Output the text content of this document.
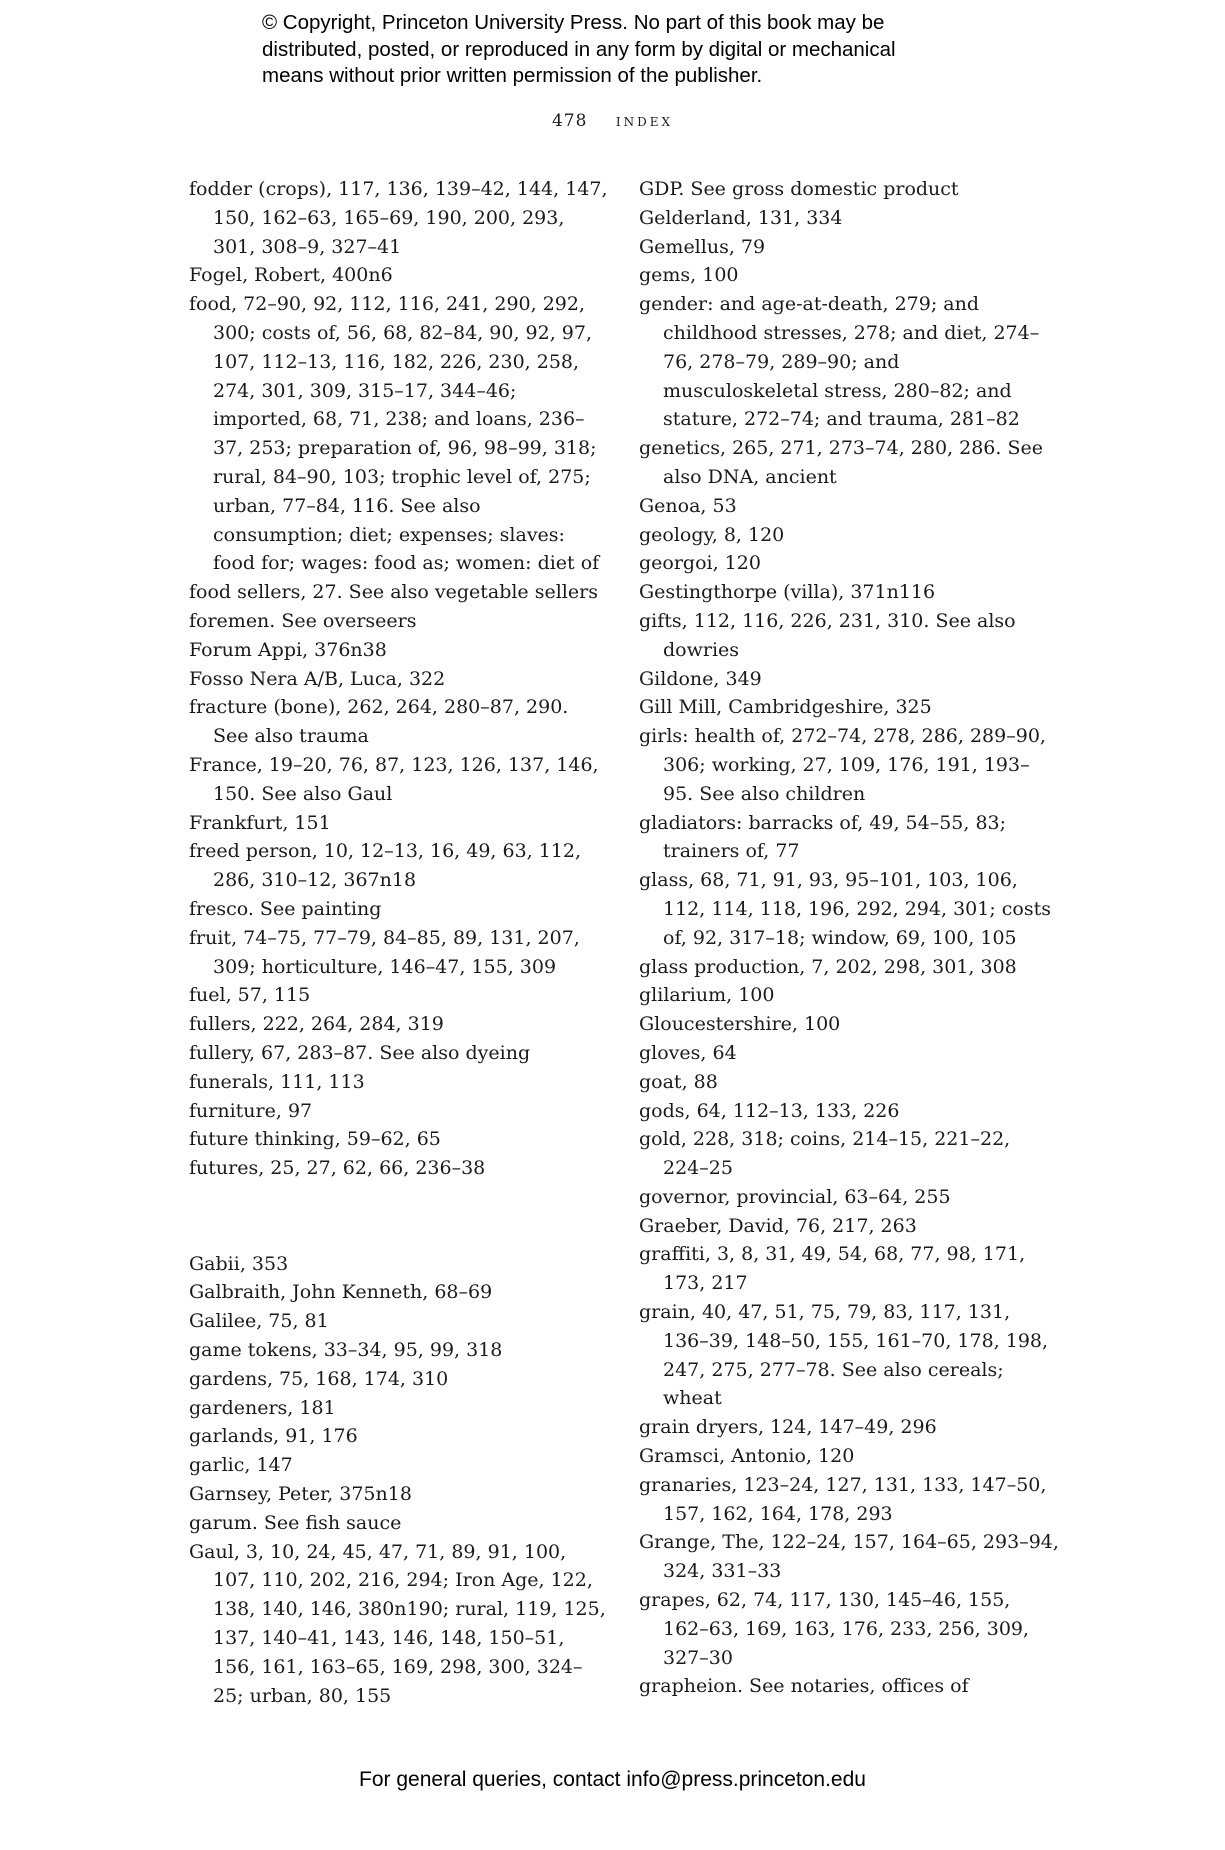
© Copyright, Princeton University Press. No part of this book may be
distributed, posted, or reproduced in any form by digital or mechanical
means without prior written permission of the publisher.
478 index

fodder (crops), 117, 136, 139–42, 144, 147, 150, 162–63, 165–69, 190, 200, 293, 301, 308–9, 327–41

Fogel, Robert, 400n6

food, 72–90, 92, 112, 116, 241, 290, 292, 300; costs of, 56, 68, 82–84, 90, 92, 97, 107, 112–13, 116, 182, 226, 230, 258, 274, 301, 309, 315–17, 344–46; imported, 68, 71, 238; and loans, 236–37, 253; preparation of, 96, 98–99, 318; rural, 84–90, 103; trophic level of, 275; urban, 77–84, 116. See also consumption; diet; expenses; slaves: food for; wages: food as; women: diet of

food sellers, 27. See also vegetable sellers

foremen. See overseers

Forum Appi, 376n38

Fosso Nera A/B, Luca, 322

fracture (bone), 262, 264, 280–87, 290. See also trauma

France, 19–20, 76, 87, 123, 126, 137, 146, 150. See also Gaul

Frankfurt, 151

freed person, 10, 12–13, 16, 49, 63, 112, 286, 310–12, 367n18

fresco. See painting

fruit, 74–75, 77–79, 84–85, 89, 131, 207, 309; horticulture, 146–47, 155, 309

fuel, 57, 115

fullers, 222, 264, 284, 319

fullery, 67, 283–87. See also dyeing

funerals, 111, 113

furniture, 97

future thinking, 59–62, 65

futures, 25, 27, 62, 66, 236–38

Gabii, 353

Galbraith, John Kenneth, 68–69

Galilee, 75, 81

game tokens, 33–34, 95, 99, 318

gardens, 75, 168, 174, 310

gardeners, 181

garlands, 91, 176

garlic, 147

Garnsey, Peter, 375n18

garum. See fish sauce

Gaul, 3, 10, 24, 45, 47, 71, 89, 91, 100, 107, 110, 202, 216, 294; Iron Age, 122, 138, 140, 146, 380n190; rural, 119, 125, 137, 140–41, 143, 146, 148, 150–51, 156, 161, 163–65, 169, 298, 300, 324–25; urban, 80, 155

GDP. See gross domestic product

Gelderland, 131, 334

Gemellus, 79

gems, 100

gender: and age-at-death, 279; and childhood stresses, 278; and diet, 274–76, 278–79, 289–90; and musculoskeletal stress, 280–82; and stature, 272–74; and trauma, 281–82

genetics, 265, 271, 273–74, 280, 286. See also DNA, ancient

Genoa, 53

geology, 8, 120

georgoi, 120

Gestingthorpe (villa), 371n116

gifts, 112, 116, 226, 231, 310. See also dowries

Gildone, 349

Gill Mill, Cambridgeshire, 325

girls: health of, 272–74, 278, 286, 289–90, 306; working, 27, 109, 176, 191, 193–95. See also children

gladiators: barracks of, 49, 54–55, 83; trainers of, 77

glass, 68, 71, 91, 93, 95–101, 103, 106, 112, 114, 118, 196, 292, 294, 301; costs of, 92, 317–18; window, 69, 100, 105

glass production, 7, 202, 298, 301, 308

glilarium, 100

Gloucestershire, 100

gloves, 64

goat, 88

gods, 64, 112–13, 133, 226

gold, 228, 318; coins, 214–15, 221–22, 224–25

governor, provincial, 63–64, 255

Graeber, David, 76, 217, 263

graffiti, 3, 8, 31, 49, 54, 68, 77, 98, 171, 173, 217

grain, 40, 47, 51, 75, 79, 83, 117, 131, 136–39, 148–50, 155, 161–70, 178, 198, 247, 275, 277–78. See also cereals; wheat

grain dryers, 124, 147–49, 296

Gramsci, Antonio, 120

granaries, 123–24, 127, 131, 133, 147–50, 157, 162, 164, 178, 293

Grange, The, 122–24, 157, 164–65, 293–94, 324, 331–33

grapes, 62, 74, 117, 130, 145–46, 155, 162–63, 169, 163, 176, 233, 256, 309, 327–30

grapheion. See notaries, offices of

For general queries, contact info@press.princeton.edu
